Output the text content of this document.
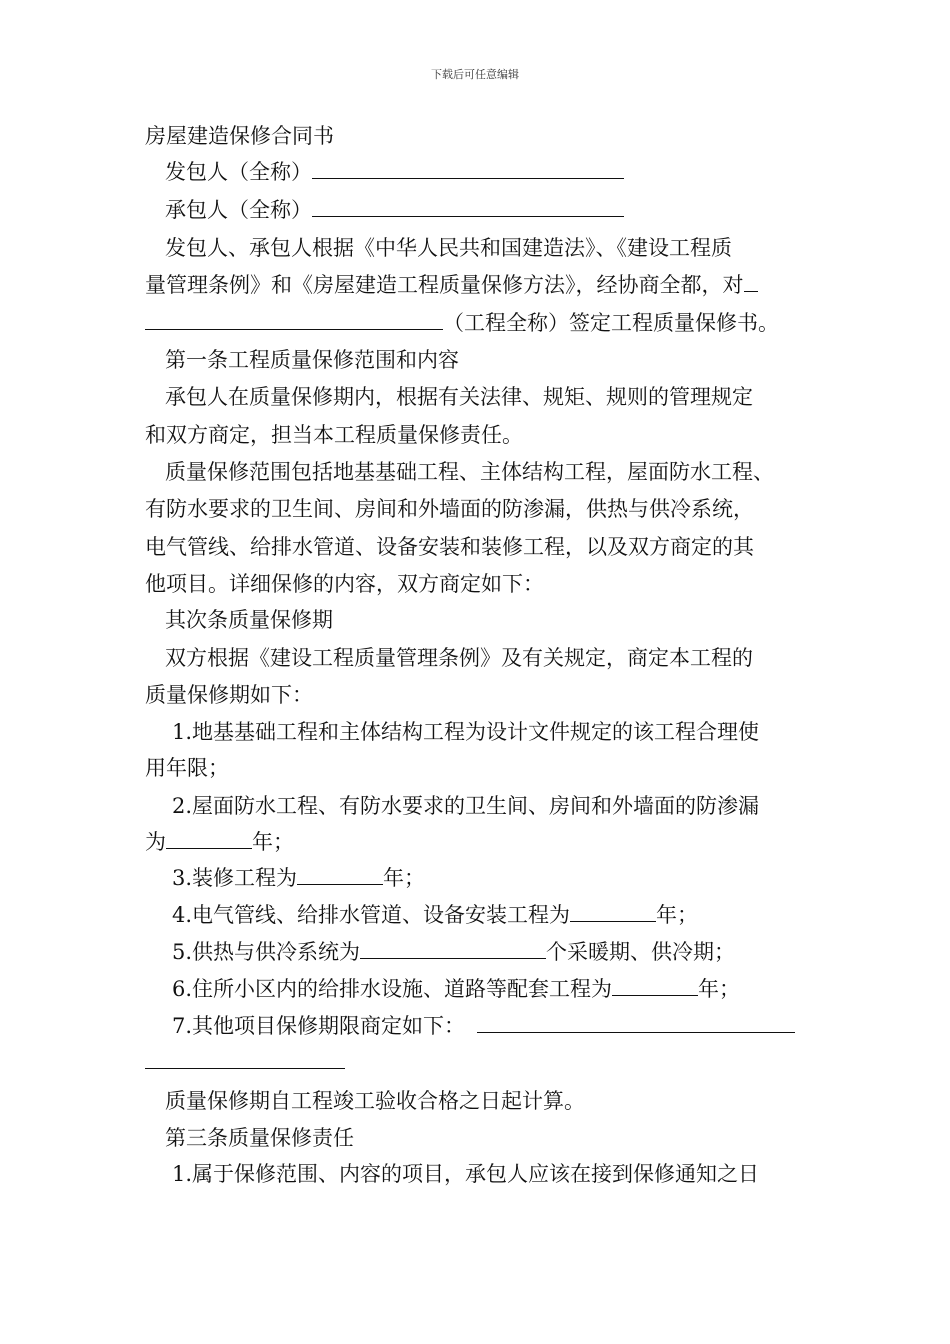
下载后可任意编辑
房屋建造保修合同书
发包人（全称）
承包人（全称）
发包人、承包人根据《中华人民共和国建造法》、《建设工程质
量管理条例》和《房屋建造工程质量保修方法》，经协商全都，对
（工程全称）签定工程质量保修书。
第一条工程质量保修范围和内容
承包人在质量保修期内，根据有关法律、规矩、规则的管理规定
和双方商定，担当本工程质量保修责任。
质量保修范围包括地基基础工程、主体结构工程，屋面防水工程、
有防水要求的卫生间、房间和外墙面的防渗漏，供热与供冷系统，
电气管线、给排水管道、设备安装和装修工程，以及双方商定的其
他项目。详细保修的内容，双方商定如下：
其次条质量保修期
双方根据《建设工程质量管理条例》及有关规定，商定本工程的
质量保修期如下：
1.地基基础工程和主体结构工程为设计文件规定的该工程合理使
用年限；
2.屋面防水工程、有防水要求的卫生间、房间和外墙面的防渗漏
为	年；
3.装修工程为	年；
4.电气管线、给排水管道、设备安装工程为	年；
5.供热与供冷系统为	个采暖期、供冷期；
6.住所小区内的给排水设施、道路等配套工程为	年；
7.其他项目保修期限商定如下：
质量保修期自工程竣工验收合格之日起计算。
第三条质量保修责任
1.属于保修范围、内容的项目，承包人应该在接到保修通知之日
